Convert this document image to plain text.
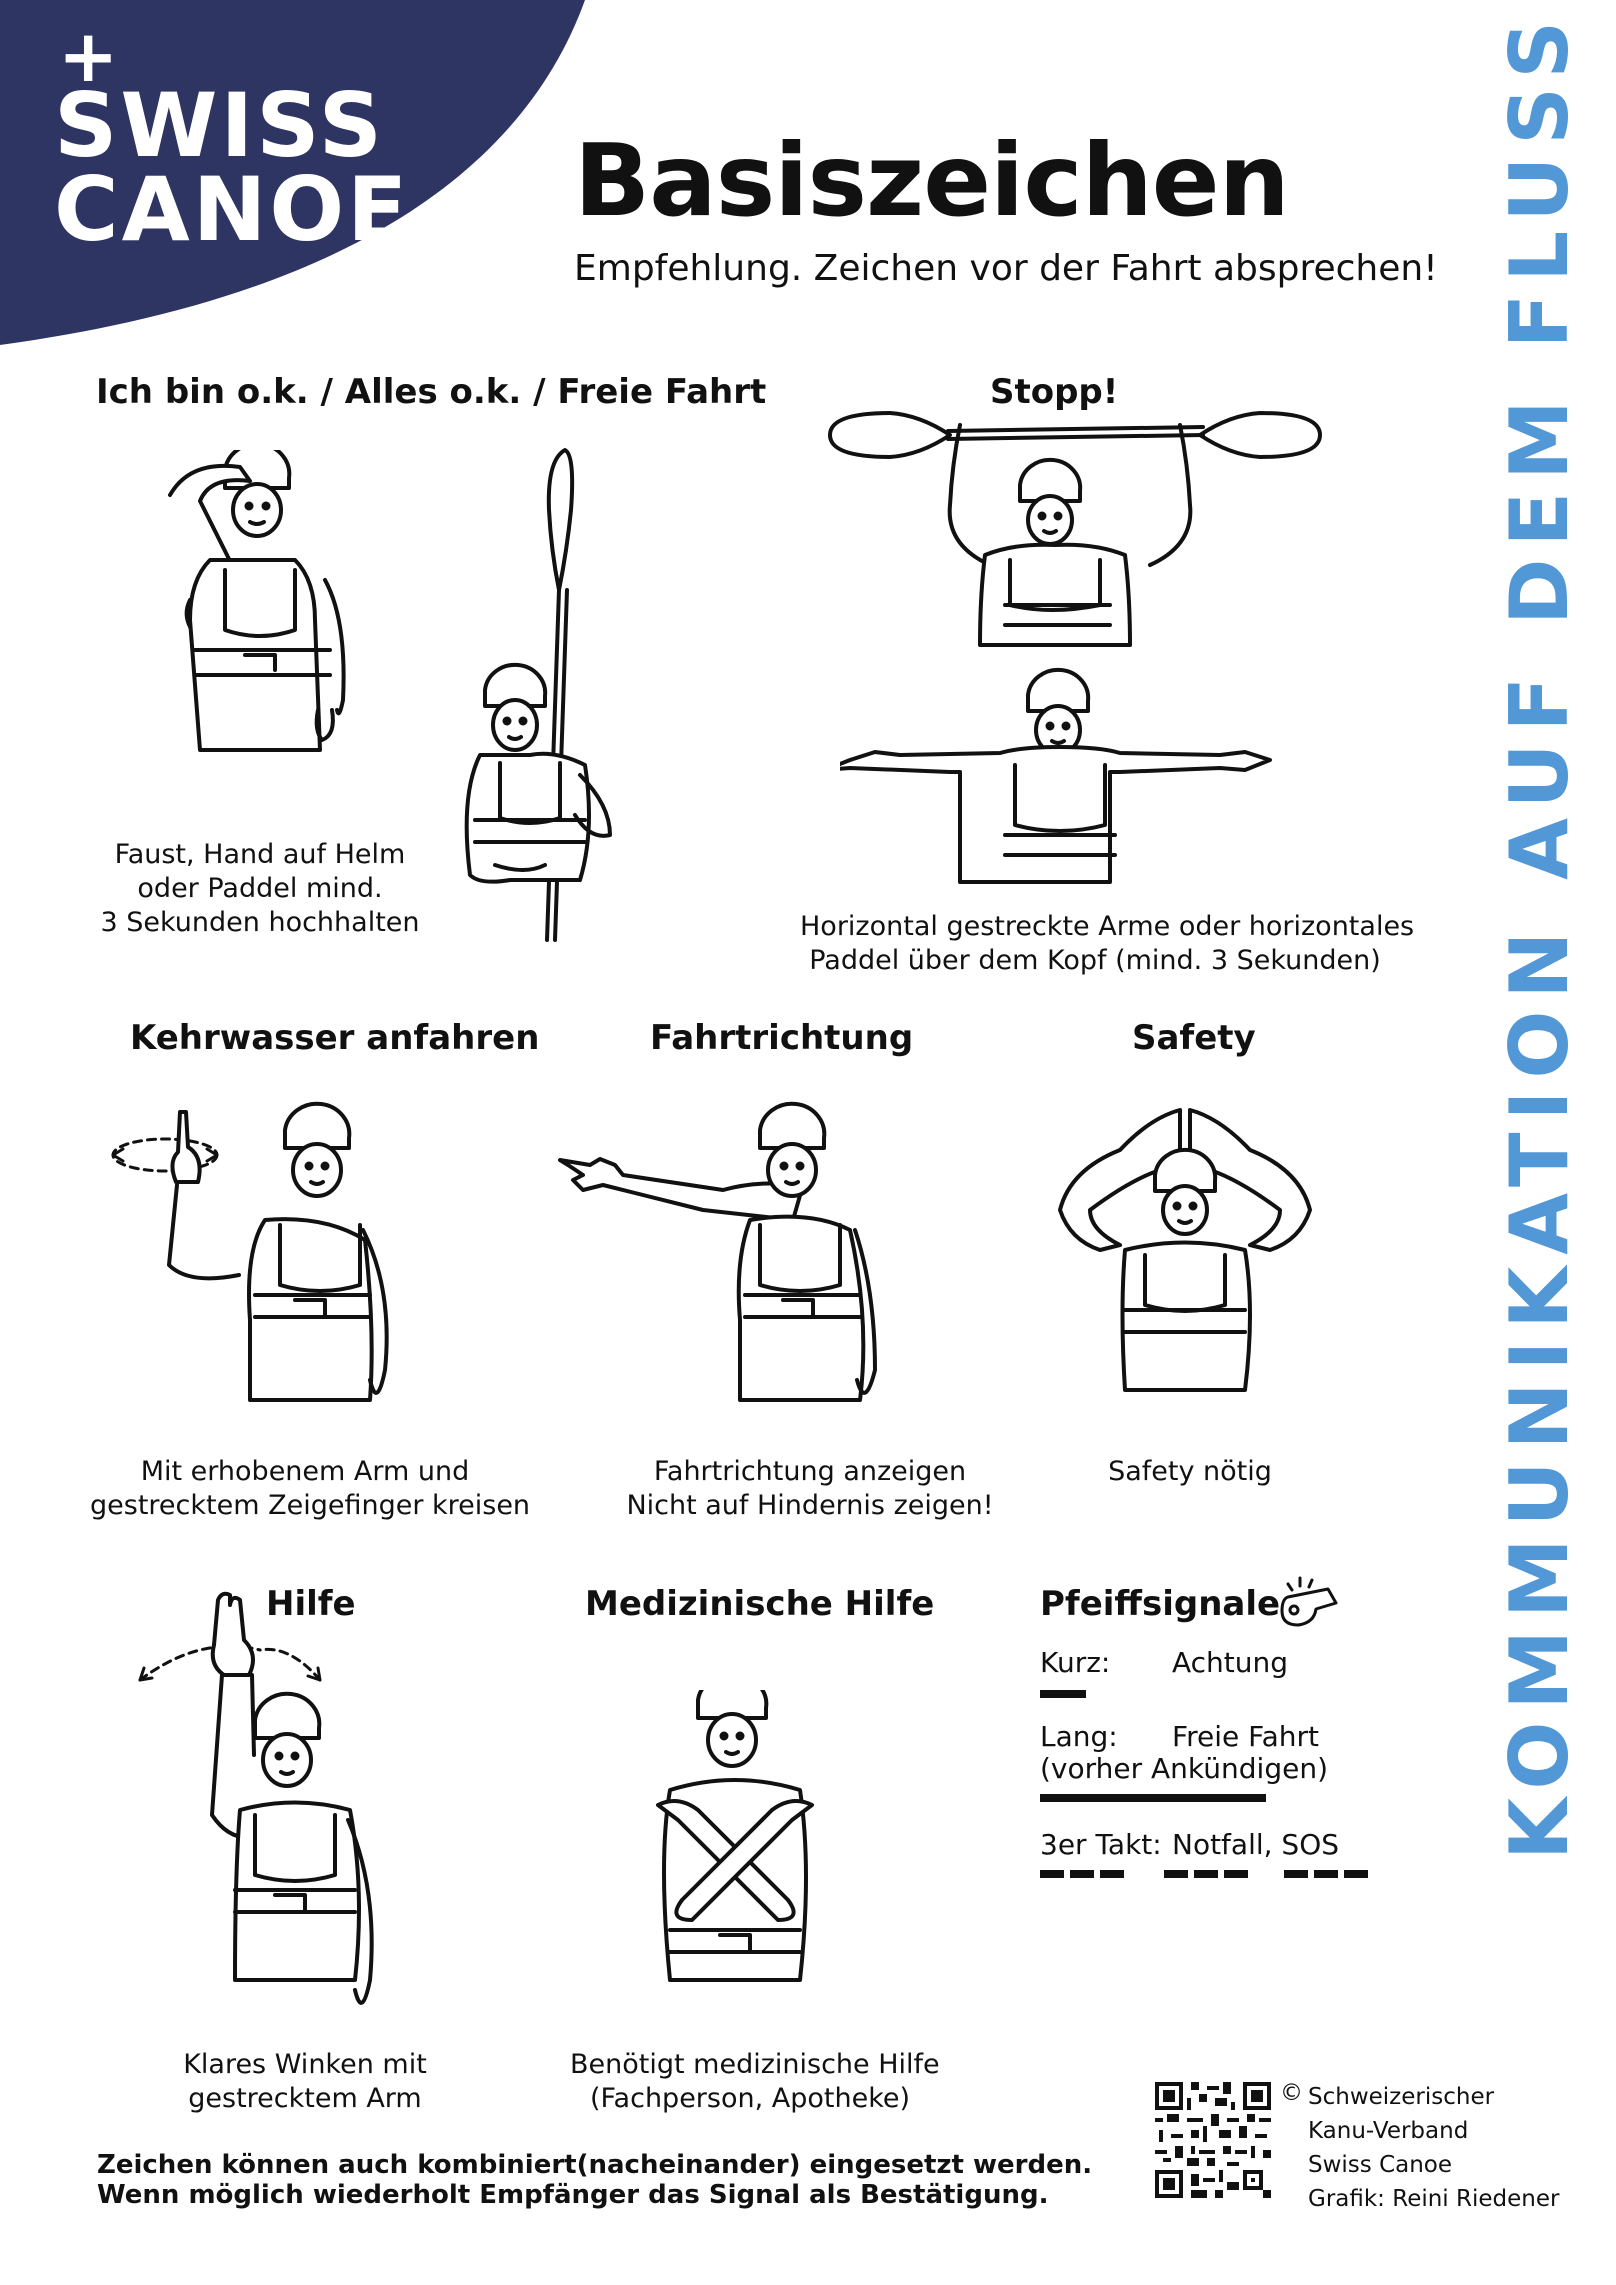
+
SWISS
CANOE Basiszeichen
Empfehlung. Zeichen vor der Fahrt absprechen! KOMMUNIKATION AUF DEM FLUSS
Ich bin o.k. / Alles o.k. / Freie Fahrt
Faust, Hand auf Helm
oder Paddel mind.
3 Sekunden hochhalten
Stopp!
Horizontal gestreckte Arme oder horizontales
Paddel über dem Kopf (mind. 3 Sekunden)
Kehrwasser anfahren	Fahrtrichtung	Safety
Mit erhobenem Arm und
gestrecktem Zeigefinger kreisen
Fahrtrichtung anzeigen
Nicht auf Hindernis zeigen!
Safety nötig
Hilfe	Medizinische Hilfe
Klares Winken mit
gestrecktem Arm
Benötigt medizinische Hilfe
(Fachperson, Apotheke)
Pfeiffsignale
Kurz: Achtung
Lang: Freie Fahrt
(vorher Ankündigen)
3er Takt: Notfall, SOS
Zeichen können auch kombiniert(nacheinander) eingesetzt werden.
Wenn möglich wiederholt Empfänger das Signal als Bestätigung.
© Schweizerischer
Kanu-Verband
Swiss Canoe
Grafik: Reini Riedener
